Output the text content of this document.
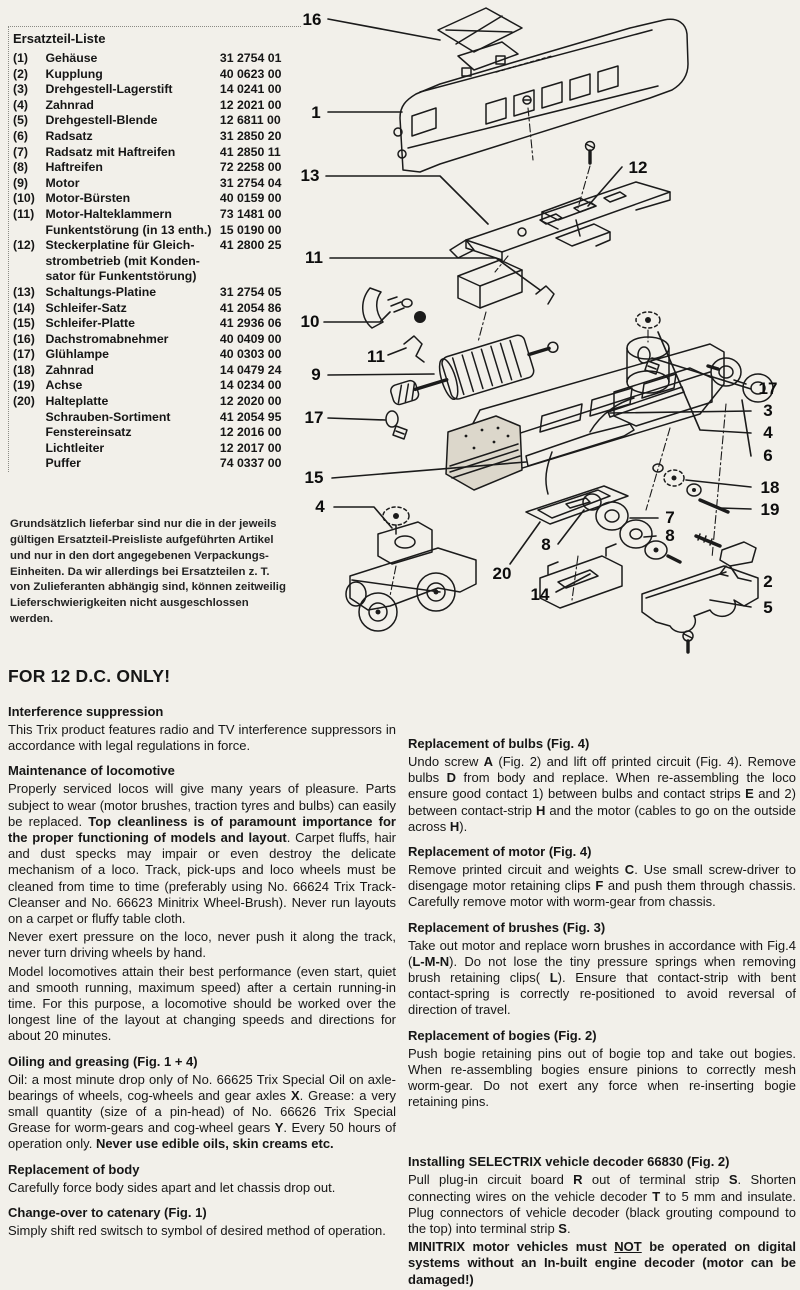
Ersatzteil-Liste
(1)	Gehäuse	31 2754 01
(2)	Kupplung	40 0623 00
(3)	Drehgestell-Lagerstift	14 0241 00
(4)	Zahnrad	12 2021 00
(5)	Drehgestell-Blende	12 6811 00
(6)	Radsatz	31 2850 20
(7)	Radsatz mit Haftreifen	41 2850 11
(8)	Haftreifen	72 2258 00
(9)	Motor	31 2754 04
(10)	Motor-Bürsten	40 0159 00
(11)	Motor-Halteklammern	73 1481 00
	Funkentstörung (in 13 enth.)	15 0190 00
(12)	Steckerplatine für Gleich-	41 2800 25
	strombetrieb (mit Konden-	
	sator für Funkentstörung)	
(13)	Schaltungs-Platine	31 2754 05
(14)	Schleifer-Satz	41 2054 86
(15)	Schleifer-Platte	41 2936 06
(16)	Dachstromabnehmer	40 0409 00
(17)	Glühlampe	40 0303 00
(18)	Zahnrad	14 0479 24
(19)	Achse	14 0234 00
(20)	Halteplatte	12 2020 00
	Schrauben-Sortiment	41 2054 95
	Fenstereinsatz	12 2016 00
	Lichtleiter	12 2017 00
	Puffer	74 0337 00

Grundsätzlich lieferbar sind nur die in der jeweils gültigen Ersatzteil-Preisliste aufgeführten Artikel und nur in den dort angegebenen Verpackungs-Einheiten. Da wir allerdings bei Ersatzteilen z. T. von Zulieferanten abhängig sind, können zeitweilig Lieferschwierigkeiten nicht ausgeschlossen werden.

16
1
13	12
11
10
11
9
17
15
4
20
14
8
17
3
4
6
18
19
7
8
2
5
FOR 12 D.C. ONLY!
Interference suppression

This Trix product features radio and TV interference suppressors in accordance with legal regulations in force.

Maintenance of locomotive

Properly serviced locos will give many years of pleasure. Parts subject to wear (motor brushes, traction tyres and bulbs) can easily be replaced. Top cleanliness is of paramount importance for the proper functioning of models and layout. Carpet fluffs, hair and dust specks may impair or even destroy the delicate mechanism of a loco. Track, pick-ups and loco wheels must be cleaned from time to time (preferably using No. 66624 Trix Track-Cleanser and No. 66623 Minitrix Wheel-Brush). Never run layouts on a carpet or fluffy table cloth.

Never exert pressure on the loco, never push it along the track, never turn driving wheels by hand.

Model locomotives attain their best performance (even start, quiet and smooth running, maximum speed) after a certain running-in time. For this purpose, a locomotive should be worked over the longest line of the layout at changing speeds and directions for about 20 minutes.

Oiling and greasing (Fig. 1 + 4)

Oil: a most minute drop only of No. 66625 Trix Special Oil on axle-bearings of wheels, cog-wheels and gear axles X. Grease: a very small quantity (size of a pin-head) of No. 66626 Trix Special Grease for worm-gears and cog-wheel gears Y. Every 50 hours of operation only. Never use edible oils, skin creams etc.

Replacement of body

Carefully force body sides apart and let chassis drop out.

Change-over to catenary (Fig. 1)

Simply shift red switsch to symbol of desired method of operation.

Replacement of bulbs (Fig. 4)

Undo screw A (Fig. 2) and lift off printed circuit (Fig. 4). Remove bulbs D from body and replace. When re-assembling the loco ensure good contact 1) between bulbs and contact strips E and 2) between contact-strip H and the motor (cables to go on the outside across H).

Replacement of motor (Fig. 4)

Remove printed circuit and weights C. Use small screw-driver to disengage motor retaining clips F and push them through chassis. Carefully remove motor with worm-gear from chassis.

Replacement of brushes (Fig. 3)

Take out motor and replace worn brushes in accordance with Fig.4 (L-M-N). Do not lose the tiny pressure springs when removing brush retaining clips( L). Ensure that contact-strip with bent contact-spring is correctly re-positioned to avoid reversal of direction of travel.

Replacement of bogies (Fig. 2)

Push bogie retaining pins out of bogie top and take out bogies. When re-assembling bogies ensure pinions to correctly mesh worm-gear. Do not exert any force when re-inserting bogie retaining pins.

Installing SELECTRIX vehicle decoder 66830 (Fig. 2)

Pull plug-in circuit board R out of terminal strip S. Shorten connecting wires on the vehicle decoder T to 5 mm and insulate. Plug connectors of vehicle decoder (black grouting compound to the top) into terminal strip S.

MINITRIX motor vehicles must NOT be operated on digital systems without an In-built engine decoder (motor can be damaged!)
